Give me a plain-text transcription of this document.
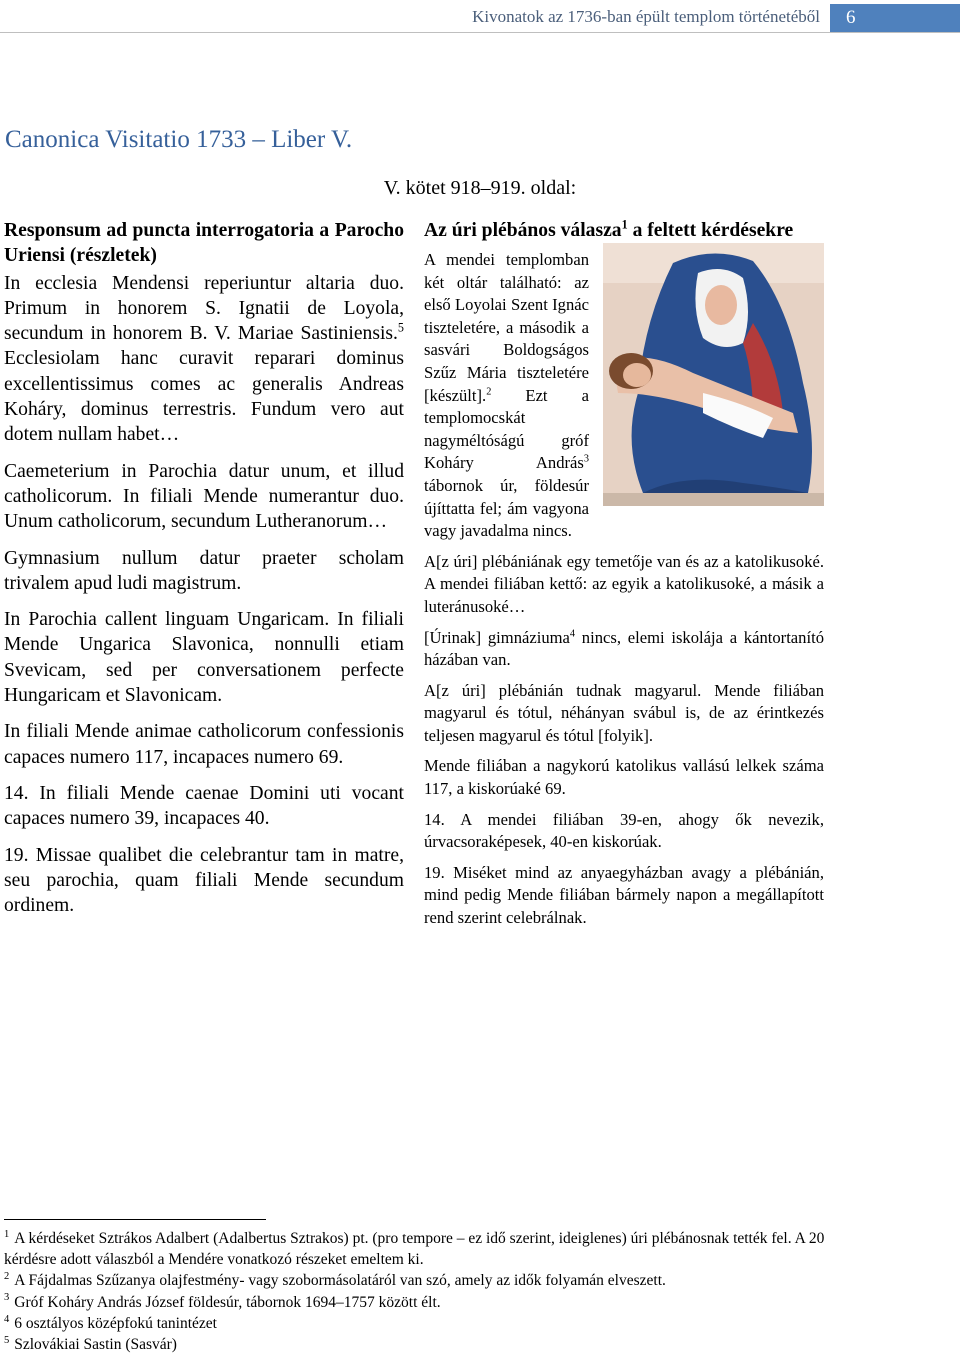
Kivonatok az 1736-ban épült templom történetéből	6
Canonica Visitatio 1733 – Liber V.
V. kötet 918–919. oldal:

Responsum ad puncta interrogatoria a Parocho Uriensi (részletek)

In ecclesia Mendensi reperiuntur altaria duo. Primum in honorem S. Ignatii de Loyola, secundum in honorem B. V. Mariae Sastiniensis.$^5$ Ecclesiolam hanc curavit reparari dominus excellentissimus comes ac generalis Andreas Koháry, dominus terrestris. Fundum vero aut dotem nullam habet…

Caemeterium in Parochia datur unum, et illud catholicorum. In filiali Mende numerantur duo. Unum catholicorum, secundum Lutheranorum…

Gymnasium nullum datur praeter scholam trivalem apud ludi magistrum.

In Parochia callent linguam Ungaricam. In filiali Mende Ungarica Slavonica, nonnulli etiam Svevicam, sed per conversationem perfecte Hungaricam et Slavonicam.

In filiali Mende animae catholicorum confessionis capaces numero 117, incapaces numero 69.

14. In filiali Mende caenae Domini uti vocant capaces numero 39, incapaces 40.

19. Missae qualibet die celebrantur tam in matre, seu parochia, quam filiali Mende secundum ordinem.

Az úri plébános válasza$^1$ a feltett kérdésekre

A mendei templomban két oltár található: az első Loyolai Szent Ignác tiszteletére, a második a sasvári Boldogságos Szűz Mária tiszteletére [készült].$^2$ Ezt a templomocskát nagyméltóságú gróf Koháry András$^3$ tábornok úr, földesúr újíttatta fel; ám vagyona vagy javadalma nincs.

A[z úri] plébániának egy temetője van és az a katolikusoké. A mendei filiában kettő: az egyik a katolikusoké, a másik a luteránusoké…

[Úrinak] gimnáziuma$^4$ nincs, elemi iskolája a kántortanító házában van.

A[z úri] plébánián tudnak magyarul. Mende filiában magyarul és tótul, néhányan svábul is, de az érintkezés teljesen magyarul és tótul [folyik].

Mende filiában a nagykorú katolikus vallású lelkek száma 117, a kiskorúaké 69.

14. A mendei filiában 39-en, ahogy ők nevezik, úrvacsoraképesek, 40-en kiskorúak.

19. Miséket mind az anyaegyházban avagy a plébánián, mind pedig Mende filiában bármely napon a megállapított rend szerint celebrálnak.

$^1$ A kérdéseket Sztrákos Adalbert (Adalbertus Sztrakos) pt. (pro tempore – ez idő szerint, ideiglenes) úri plébánosnak tették fel. A 20 kérdésre adott válaszból a Mendére vonatkozó részeket emeltem ki.

$^2$ A Fájdalmas Szűzanya olajfestmény- vagy szobormásolatáról van szó, amely az idők folyamán elveszett.

$^3$ Gróf Koháry András József földesúr, tábornok 1694–1757 között élt.

$^4$ 6 osztályos középfokú tanintézet

$^5$ Szlovákiai Sastin (Sasvár)
